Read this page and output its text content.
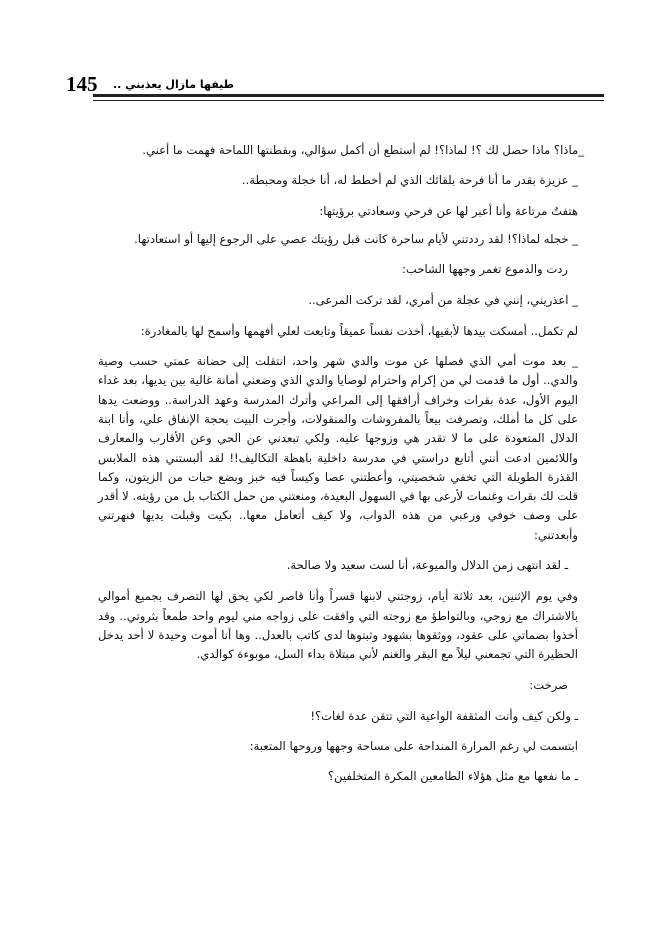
145 طيفها مازال يعذبني ..

_ماذا؟ ماذا حصل لك ؟! لماذا؟! لم أستطع أن أكمل سؤالي، وبفطنتها اللماحة فهمت ما أعني.

_ عزيزة بقدر ما أنا فرحة بلقائك الذي لم أخطط له، أنا خجلة ومحبطة..

هتفتُ مرتاعة وأنا أعبر لها عن فرحي وسعادتي برؤيتها:

_ خجله لماذا؟! لقد رددتني لأيام ساحرة كانت قبل رؤيتك عصي على الرجوع إليها أو استعادتها.

ردت والدموع تغمر وجهها الشاحب:

_ اعذريني، إنني في عجلة من أمري، لقد تركت المرعى..

لم تكمل.. أمسكت بيدها لأبقيها، أخذت نفساً عميقاً وتابعت لعلي أفهمها وأسمح لها بالمغادرة:

_ بعد موت أمي الذي فصلها عن موت والدي شهر واحد، انتقلت إلى حضانة عمتي حسب وصية والدي.. أول ما قدمت لي من إكرام واحترام لوصايا والدي الذي وضعني أمانة غالية بين يديها، بعد غداء اليوم الأول، عدة بقرات وخراف أرافقها إلى المراعي وأترك المدرسة وعهد الدراسة.. ووضعت يدها على كل ما أملك، وتصرفت بيعاً بالمفروشات والمنقولات، وأجرت البيت بحجة الإنفاق علي، وأنا ابنة الدلال المتعودة على ما لا تقدر هي وزوجها عليه. ولكي تبعدني عن الحي وعن الأقارب والمعارف واللائمين ادعت أنني أتابع دراستي في مدرسة داخلية باهظة التكاليف!! لقد ألبستني هذه الملابس القذرة الطويلة التي تخفي شخصيتي، وأعطتني عصا وكيساً فيه خبز وبضع حبات من الزيتون، وكما قلت لك بقرات وغنمات لأرعى بها في السهول البعيدة، ومنعتني من حمل الكتاب بل من رؤيته. لا أقدر على وصف خوفي ورعبي من هذه الدواب، ولا كيف أتعامل معها.. بكيت وقبلت يديها فنهرتني وأبعدتني:

ـ لقد انتهى زمن الدلال والميوعة، أنا لست سعيد ولا صالحة.

وفي يوم الإثنين، بعد ثلاثة أيام، زوجتني لابنها قسراً وأنا قاصر لكي يحق لها التصرف بجميع أموالي بالاشتراك مع زوجي، وبالتواطؤ مع زوجته التي وافقت على زواجه مني ليوم واحد طمعاً بثروتي.. وقد أخذوا بصماتي على عقود، ووثقوها بشهود وثبتوها لدى كاتب بالعدل.. وها أنا أموت وحيدة لا أحد يدخل الحظيرة التي تجمعني ليلاً مع البقر والغنم لأني مبتلاة بداء السل، موبوءة كوالدي.

صرخت:

ـ ولكن كيف وأنت المثقفة الواعية التي تتقن عدة لغات؟!

ابتسمت لي رغم المرارة المنداحة على مساحة وجهها وروحها المتعبة:

ـ ما نفعها مع مثل هؤلاء الطامعين المكرة المتخلفين؟
